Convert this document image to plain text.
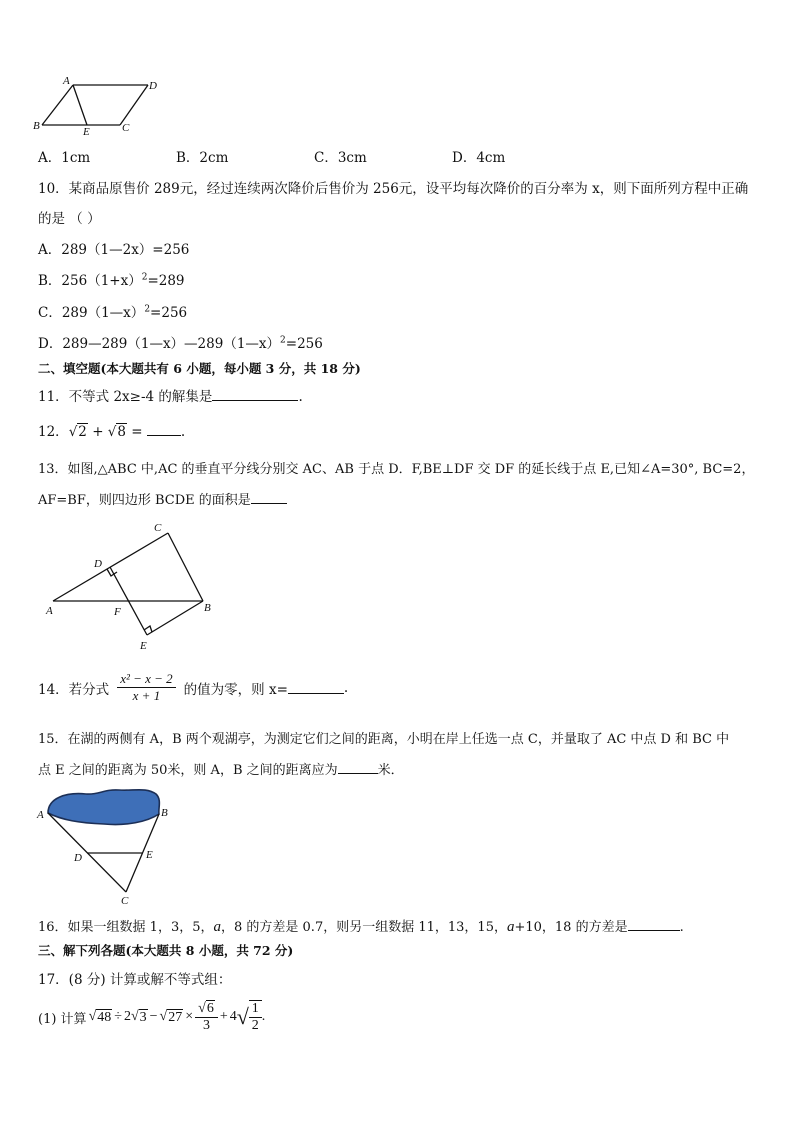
A	D
B	E	C
A．1cm	B．2cm	C．3cm	D．4cm
10．某商品原售价 289元，经过连续两次降价后售价为 256元，设平均每次降价的百分率为 x，则下面所列方程中正确
的是 （ ）
A．289（1—2x）=256
B．$256(1+x)^2=289$
C．289（1—x）$^2$=256
D．289—289（1—x）—289（1—x）$^2$=256
二、填空题(本大题共有 6 小题，每小题 3 分，共 18 分)
11．不等式 2x≥-4 的解集是	.
12．√2 + √8 =	.
13．如图,△ABC 中,AC 的垂直平分线分别交 AC、AB 于点 D．F,BE⊥DF 交 DF 的延长线于点 E,已知∠A=30°, BC=2，
AF=BF，则四边形 BCDE 的面积是
C
D
A	F	B
E
14．若分式 $\frac{\text{x² − x − 2}}{x + 1}$ 的值为零，则 x=	.
15．在湖的两侧有 A，B 两个观湖亭，为测定它们之间的距离，小明在岸上任选一点 C，并量取了 AC 中点 D 和 BC 中
点 E 之间的距离为 50米，则 A，B 之间的距离应为	米．
A	B
D	E
C
16．如果一组数据 1，3，5，a，8 的方差是 0.7，则另一组数据 11，13，15，a+10，18 的方差是	.
三、解下列各题(本大题共 8 小题，共 72 分)
17．(8 分) 计算或解不等式组：
(1) 计算 √ 48 ÷ 2 √ 3 − √ $27 \times \frac{√6}{3} + 4$ √ $\frac{1}{2}$ .
